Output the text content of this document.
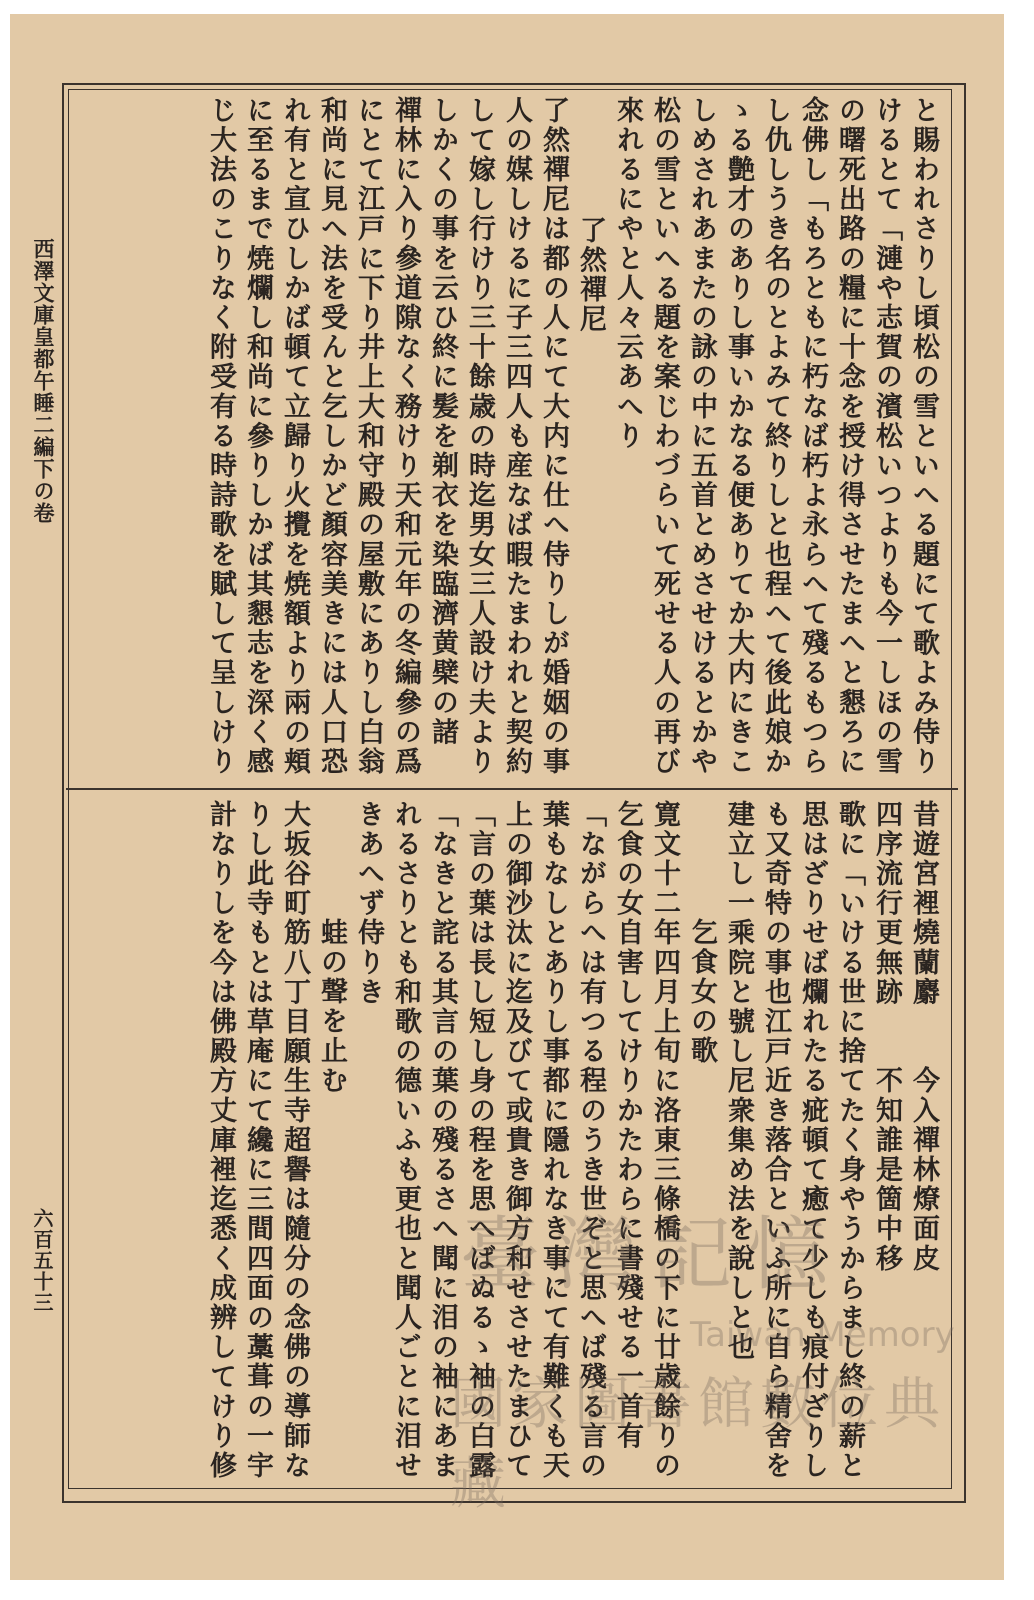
西澤文庫皇都午睡二編下の卷
六百五十三
と賜われさりし頃松の雪といへる題にて歌よみ侍り
けるとて「漣や志賀の濱松いつよりも今一しほの雪
の曙死出路の糧に十念を授け得させたまへと懇ろに
念佛し「もろともに朽なば朽よ永らへて殘るもつら
し仇しうき名のとよみて終りしと也程へて後此娘か
ゝる艶才のありし事いかなる便ありてか大内にきこ
しめされあまたの詠の中に五首とめさせけるとかや
松の雪といへる題を案じわづらいて死せる人の再び
來れるにやと人々云あへり
了然禪尼
了然禪尼は都の人にて大内に仕へ侍りしが婚姻の事
人の媒しけるに子三四人も産なば暇たまわれと契約
して嫁し行けり三十餘歳の時迄男女三人設け夫より
しかくの事を云ひ終に髪を剃衣を染臨濟黄檗の諸
禪林に入り參道隙なく務けり天和元年の冬編參の爲
にとて江戸に下り井上大和守殿の屋敷にありし白翁
和尚に見へ法を受んと乞しかど顏容美きには人口恐
れ有と宣ひしかば頓て立歸り火攪を焼額より兩の頬
に至るまで焼爛し和尚に參りしかば其懇志を深く感
じ大法のこりなく附受有る時詩歌を賦して呈しけり
昔遊宮裡燒蘭麝　　今入禪林燎面皮
四序流行更無跡　　不知誰是箇中移
歌に「いける世に捨てたく身やうからまし終の薪と
思はざりせば爛れたる疵頓て癒て少しも痕付ざりし
も又奇特の事也江戸近き落合といふ所に自ら精舍を
建立し一乘院と號し尼衆集め法を說しと也
乞食女の歌
寛文十二年四月上旬に洛東三條橋の下に廿歳餘りの
乞食の女自害してけりかたわらに書殘せる一首有
「ながらへは有つる程のうき世ぞと思へば殘る言の
葉もなしとありし事都に隱れなき事にて有難くも天
上の御沙汰に迄及びて或貴き御方和せさせたまひて
「言の葉は長し短し身の程を思へばぬるゝ袖の白露
「なきと詫る其言の葉の殘るさへ聞に泪の袖にあま
れるさりとも和歌の德いふも更也と聞人ごとに泪せ
きあへず侍りき
蛙の聲を止む
大坂谷町筋八丁目願生寺超譽は隨分の念佛の導師な
りし此寺もとは草庵にて纔に三間四面の藁葺の一宇
計なりしを今は佛殿方丈庫裡迄悉く成辨してけり修	臺灣記憶
Taiwan Memory
國家圖書館數位典藏
